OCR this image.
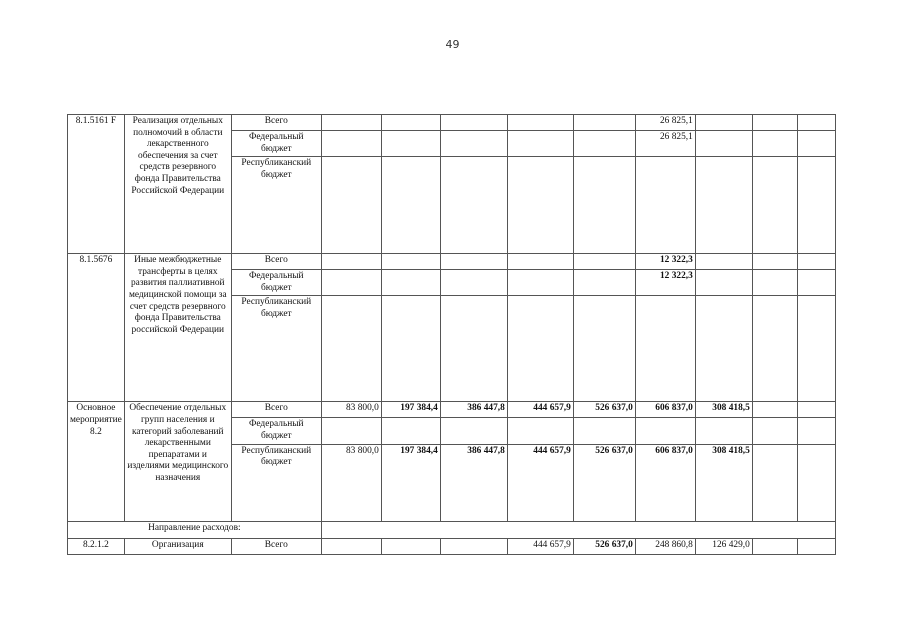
49
8.1.5161 F	Реализация отдельных полномочий в области лекарственного обеспечения за счет средств резервного фонда Правительства Российской Федерации	Всего						26 825,1			
		Федеральный бюджет						26 825,1			
		Республиканский бюджет									
8.1.5676	Иные межбюджетные трансферты в целях развития паллиативной медицинской помощи за счет средств резервного фонда Правительства российской Федерации	Всего						12 322,3			
		Федеральный бюджет						12 322,3			
		Республиканский бюджет									
Основное мероприятие 8.2	Обеспечение отдельных групп населения и категорий заболеваний лекарственными препаратами и изделиями медицинского назначения	Всего	83 800,0	197 384,4	386 447,8	444 657,9	526 637,0	606 837,0	308 418,5		
		Федеральный бюджет									
		Республиканский бюджет	83 800,0	197 384,4	386 447,8	444 657,9	526 637,0	606 837,0	308 418,5		
Направление расходов:											
8.2.1.2	Организация	Всего				444 657,9	526 637,0	248 860,8	126 429,0		
